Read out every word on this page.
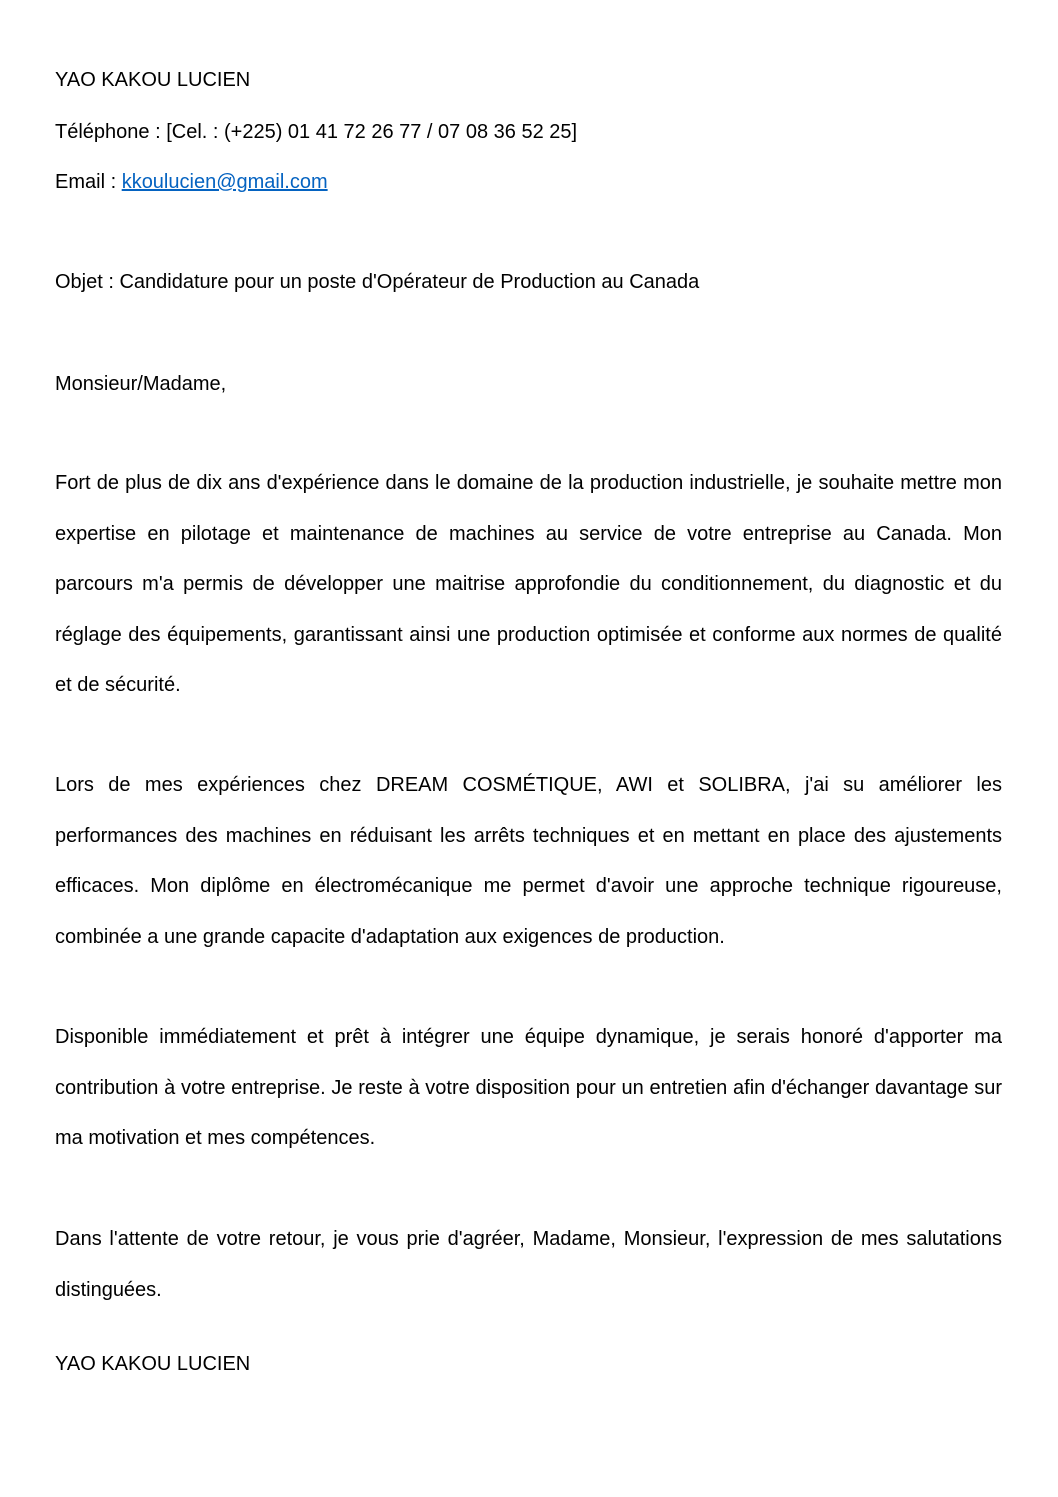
YAO KAKOU LUCIEN
Téléphone : [Cel. : (+225) 01 41 72 26 77 / 07 08 36 52 25]
Email : kkoulucien@gmail.com
Objet : Candidature pour un poste d'Opérateur de Production au Canada
Monsieur/Madame,

Fort de plus de dix ans d'expérience dans le domaine de la production industrielle, je souhaite mettre mon expertise en pilotage et maintenance de machines au service de votre entreprise au Canada. Mon parcours m'a permis de développer une maitrise approfondie du conditionnement, du diagnostic et du réglage des équipements, garantissant ainsi une production optimisée et conforme aux normes de qualité et de sécurité.

Lors de mes expériences chez DREAM COSMÉTIQUE, AWI et SOLIBRA, j'ai su améliorer les performances des machines en réduisant les arrêts techniques et en mettant en place des ajustements efficaces. Mon diplôme en électromécanique me permet d'avoir une approche technique rigoureuse, combinée a une grande capacite d'adaptation aux exigences de production.

Disponible immédiatement et prêt à intégrer une équipe dynamique, je serais honoré d'apporter ma contribution à votre entreprise. Je reste à votre disposition pour un entretien afin d'échanger davantage sur ma motivation et mes compétences.

Dans l'attente de votre retour, je vous prie d'agréer, Madame, Monsieur, l'expression de mes salutations distinguées.

YAO KAKOU LUCIEN
